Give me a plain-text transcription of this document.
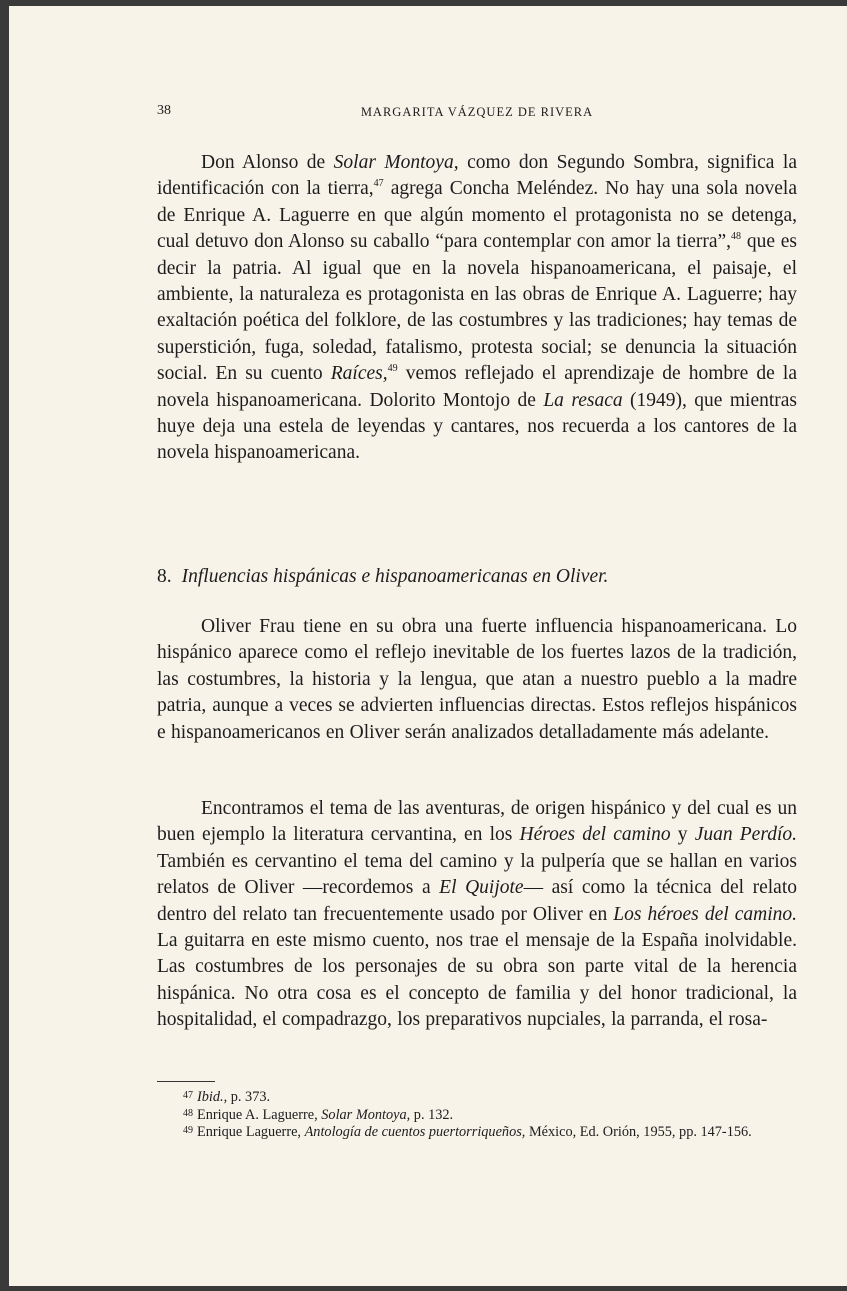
38	MARGARITA VÁZQUEZ DE RIVERA

Don Alonso de Solar Montoya, como don Segundo Sombra, significa la identificación con la tierra,$^{47}$ agrega Concha Meléndez. No hay una sola novela de Enrique A. Laguerre en que algún momento el protagonista no se detenga, cual detuvo don Alonso su caballo “para contemplar con amor la tierra”,$^{48}$ que es decir la patria. Al igual que en la novela hispanoamericana, el paisaje, el ambiente, la naturaleza es protagonista en las obras de Enrique A. Laguerre; hay exaltación poética del folklore, de las costumbres y las tradiciones; hay temas de superstición, fuga, soledad, fatalismo, protesta social; se denuncia la situación social. En su cuento Raíces,$^{49}$ vemos reflejado el aprendizaje de hombre de la novela hispanoamericana. Dolorito Montojo de La resaca (1949), que mientras huye deja una estela de leyendas y cantares, nos recuerda a los cantores de la novela hispanoamericana.

8. Influencias hispánicas e hispanoamericanas en Oliver.

Oliver Frau tiene en su obra una fuerte influencia hispanoamericana. Lo hispánico aparece como el reflejo inevitable de los fuertes lazos de la tradición, las costumbres, la historia y la lengua, que atan a nuestro pueblo a la madre patria, aunque a veces se advierten influencias directas. Estos reflejos hispánicos e hispanoamericanos en Oliver serán analizados detalladamente más adelante.

Encontramos el tema de las aventuras, de origen hispánico y del cual es un buen ejemplo la literatura cervantina, en los Héroes del camino y Juan Perdío. También es cervantino el tema del camino y la pulpería que se hallan en varios relatos de Oliver —recordemos a El Quijote— así como la técnica del relato dentro del relato tan frecuentemente usado por Oliver en Los héroes del camino. La guitarra en este mismo cuento, nos trae el mensaje de la España inolvidable. Las costumbres de los personajes de su obra son parte vital de la herencia hispánica. No otra cosa es el concepto de familia y del honor tradicional, la hospitalidad, el compadrazgo, los preparativos nupciales, la parranda, el rosa-

$^{47}$ Ibid., p. 373.
$^{48}$ Enrique A. Laguerre, Solar Montoya, p. 132.
$^{49}$ Enrique Laguerre, Antología de cuentos puertorriqueños, México, Ed. Orión, 1955, pp. 147-156.
